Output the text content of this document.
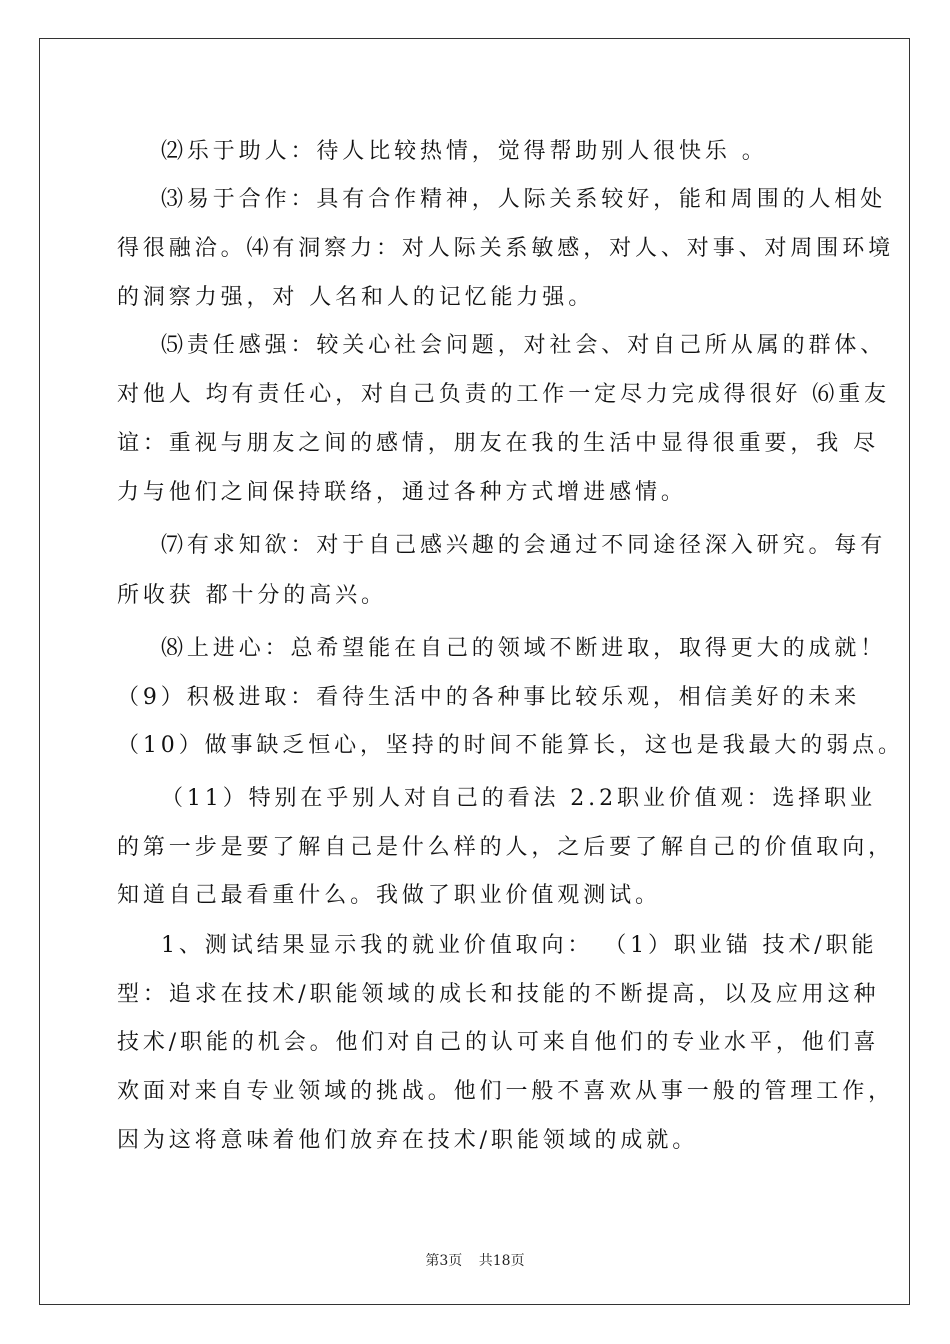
⑵乐于助人：待人比较热情，觉得帮助别人很快乐 。
⑶易于合作：具有合作精神，人际关系较好，能和周围的人相处
得很融洽。⑷有洞察力：对人际关系敏感，对人、对事、对周围环境
的洞察力强，对 人名和人的记忆能力强。
⑸责任感强：较关心社会问题，对社会、对自己所从属的群体、
对他人 均有责任心，对自己负责的工作一定尽力完成得很好 ⑹重友
谊：重视与朋友之间的感情，朋友在我的生活中显得很重要，我 尽
力与他们之间保持联络，通过各种方式增进感情。
⑺有求知欲：对于自己感兴趣的会通过不同途径深入研究。每有
所收获 都十分的高兴。
⑻上进心：总希望能在自己的领域不断进取，取得更大的成就！
（9）积极进取：看待生活中的各种事比较乐观，相信美好的未来
（10）做事缺乏恒心，坚持的时间不能算长，这也是我最大的弱点。
（11）特别在乎别人对自己的看法 2.2职业价值观：选择职业
的第一步是要了解自己是什么样的人，之后要了解自己的价值取向，
知道自己最看重什么。我做了职业价值观测试。
1、测试结果显示我的就业价值取向： （1）职业锚 技术/职能
型：追求在技术/职能领域的成长和技能的不断提高，以及应用这种
技术/职能的机会。他们对自己的认可来自他们的专业水平，他们喜
欢面对来自专业领域的挑战。他们一般不喜欢从事一般的管理工作，
因为这将意味着他们放弃在技术/职能领域的成就。
第3页 共18页
